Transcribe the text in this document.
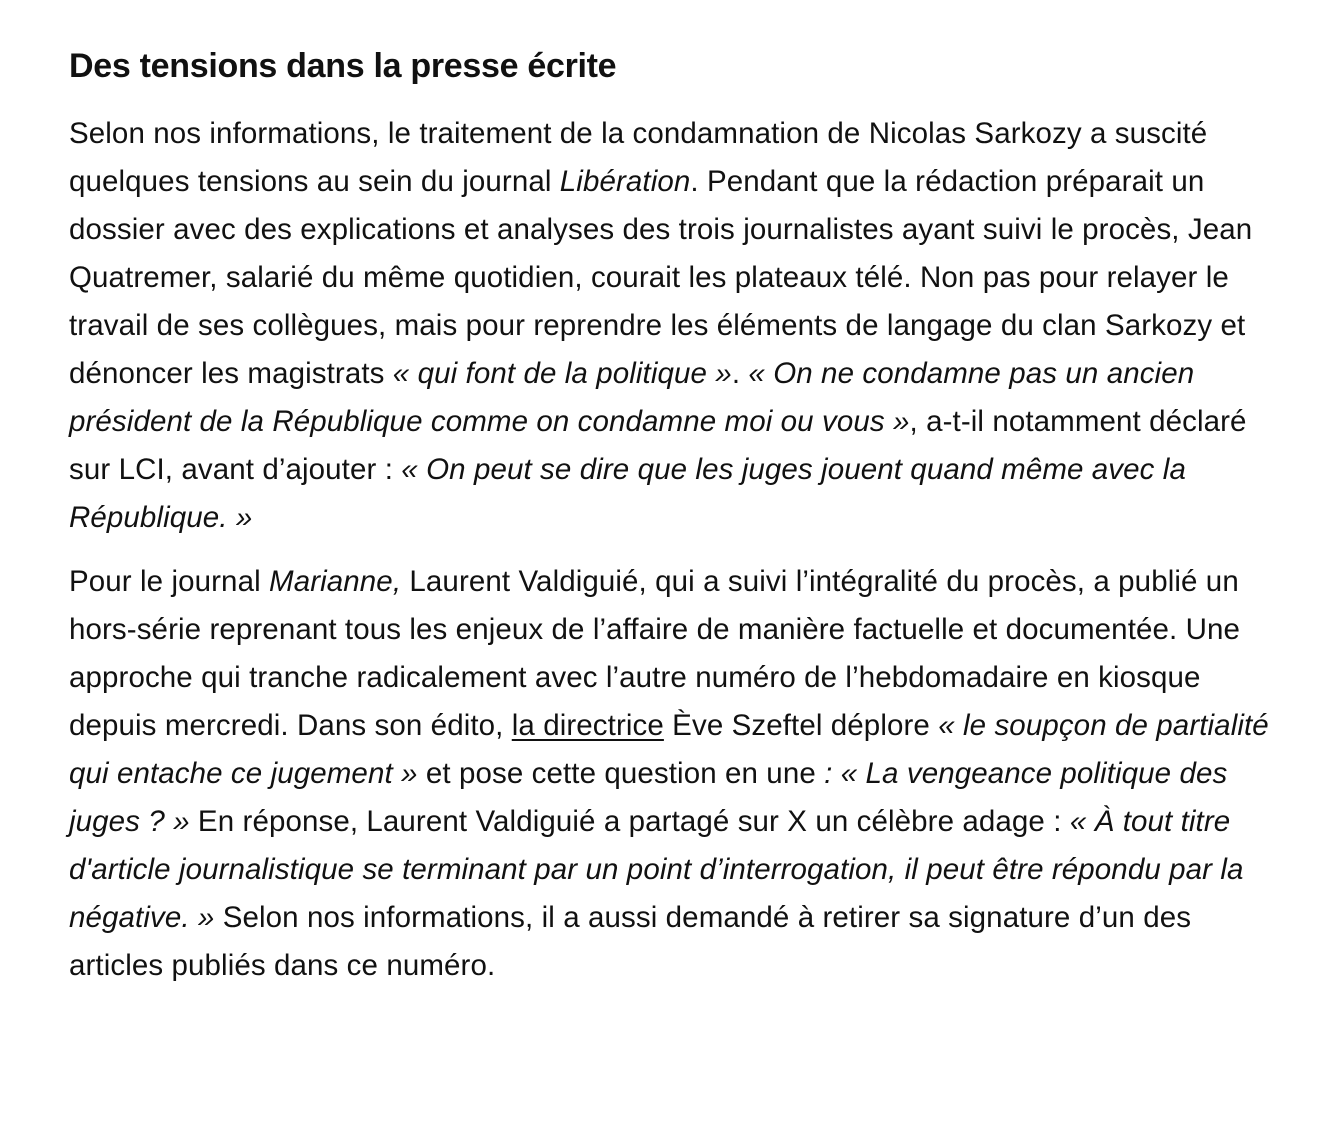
Des tensions dans la presse écrite

Selon nos informations, le traitement de la condamnation de Nicolas Sarkozy a suscité quelques tensions au sein du journal Libération. Pendant que la rédaction préparait un dossier avec des explications et analyses des trois journalistes ayant suivi le procès, Jean Quatremer, salarié du même quotidien, courait les plateaux télé. Non pas pour relayer le travail de ses collègues, mais pour reprendre les éléments de langage du clan Sarkozy et dénoncer les magistrats « qui font de la politique ». « On ne condamne pas un ancien président de la République comme on condamne moi ou vous », a-t-il notamment déclaré sur LCI, avant d’ajouter : « On peut se dire que les juges jouent quand même avec la République. »

Pour le journal Marianne, Laurent Valdiguié, qui a suivi l’intégralité du procès, a publié un hors-série reprenant tous les enjeux de l’affaire de manière factuelle et documentée. Une approche qui tranche radicalement avec l’autre numéro de l’hebdomadaire en kiosque depuis mercredi. Dans son édito, la directrice Ève Szeftel déplore « le soupçon de partialité qui entache ce jugement » et pose cette question en une : « La vengeance politique des juges ? » En réponse, Laurent Valdiguié a partagé sur X un célèbre adage : « À tout titre d'article journalistique se terminant par un point d’interrogation, il peut être répondu par la négative. » Selon nos informations, il a aussi demandé à retirer sa signature d’un des articles publiés dans ce numéro.
